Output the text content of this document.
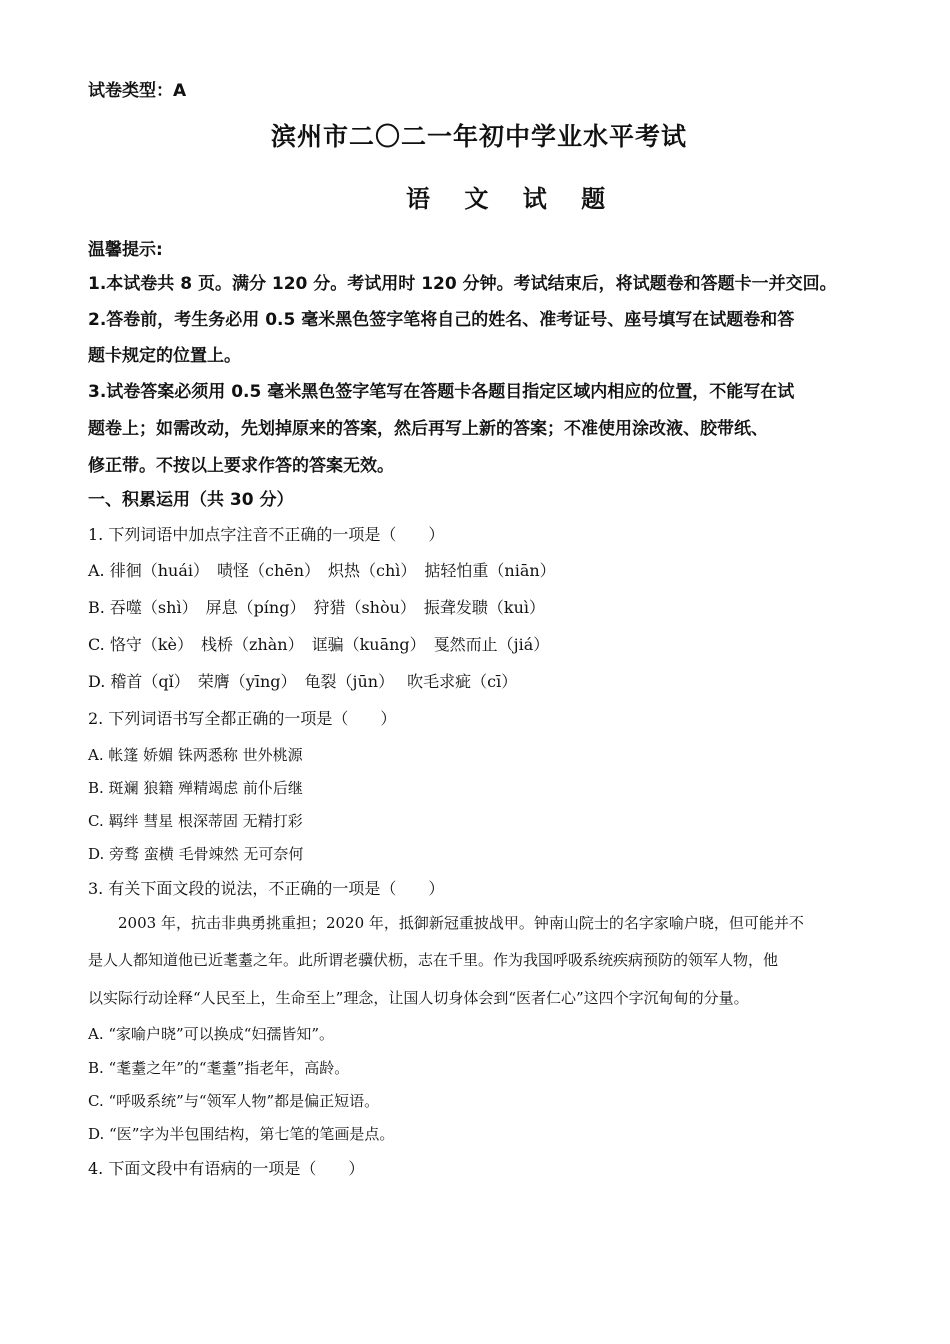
试卷类型：A
滨州市二〇二一年初中学业水平考试
语 文 试 题
温馨提示:
1.本试卷共 8 页。满分 120 分。考试用时 120 分钟。考试结束后，将试题卷和答题卡一并交回。
2.答卷前，考生务必用 0.5 毫米黑色签字笔将自己的姓名、准考证号、座号填写在试题卷和答
题卡规定的位置上。
3.试卷答案必须用 0.5 毫米黑色签字笔写在答题卡各题目指定区域内相应的位置，不能写在试
题卷上；如需改动，先划掉原来的答案，然后再写上新的答案；不准使用涂改液、胶带纸、
修正带。不按以上要求作答的答案无效。
一、积累运用（共 30 分）
1. 下列词语中加点字注音不正确的一项是（　　）
A. 徘徊（huái）　啧怪（chēn）　炽热（chì）　掂轻怕重（niān）
B. 吞噬（shì）　屏息（píng）　狩猎（shòu）　振聋发聩（kuì）
C. 恪守（kè）　栈桥（zhàn）　诓骗（kuāng）　戛然而止（jiá）
D. 稽首（qǐ）　荣膺（yīng）　龟裂（jūn）　 吹毛求疵（cī）
2. 下列词语书写全都正确的一项是（　　）
A. 帐篷 娇媚 铢两悉称 世外桃源
B. 斑斓 狼籍 殚精竭虑 前仆后继
C. 羁绊 彗星 根深蒂固 无精打彩
D. 旁骛 蛮横 毛骨竦然 无可奈何
3. 有关下面文段的说法，不正确的一项是（　　）
2003 年，抗击非典勇挑重担；2020 年，抵御新冠重披战甲。钟南山院士的名字家喻户晓，但可能并不
是人人都知道他已近耄耋之年。此所谓老骥伏枥，志在千里。作为我国呼吸系统疾病预防的领军人物，他
以实际行动诠释“人民至上，生命至上”理念，让国人切身体会到“医者仁心”这四个字沉甸甸的分量。
A. “家喻户晓”可以换成“妇孺皆知”。
B. “耄耋之年”的“耄耋”指老年，高龄。
C. “呼吸系统”与“领军人物”都是偏正短语。
D. “医”字为半包围结构，第七笔的笔画是点。
4. 下面文段中有语病的一项是（　　）
